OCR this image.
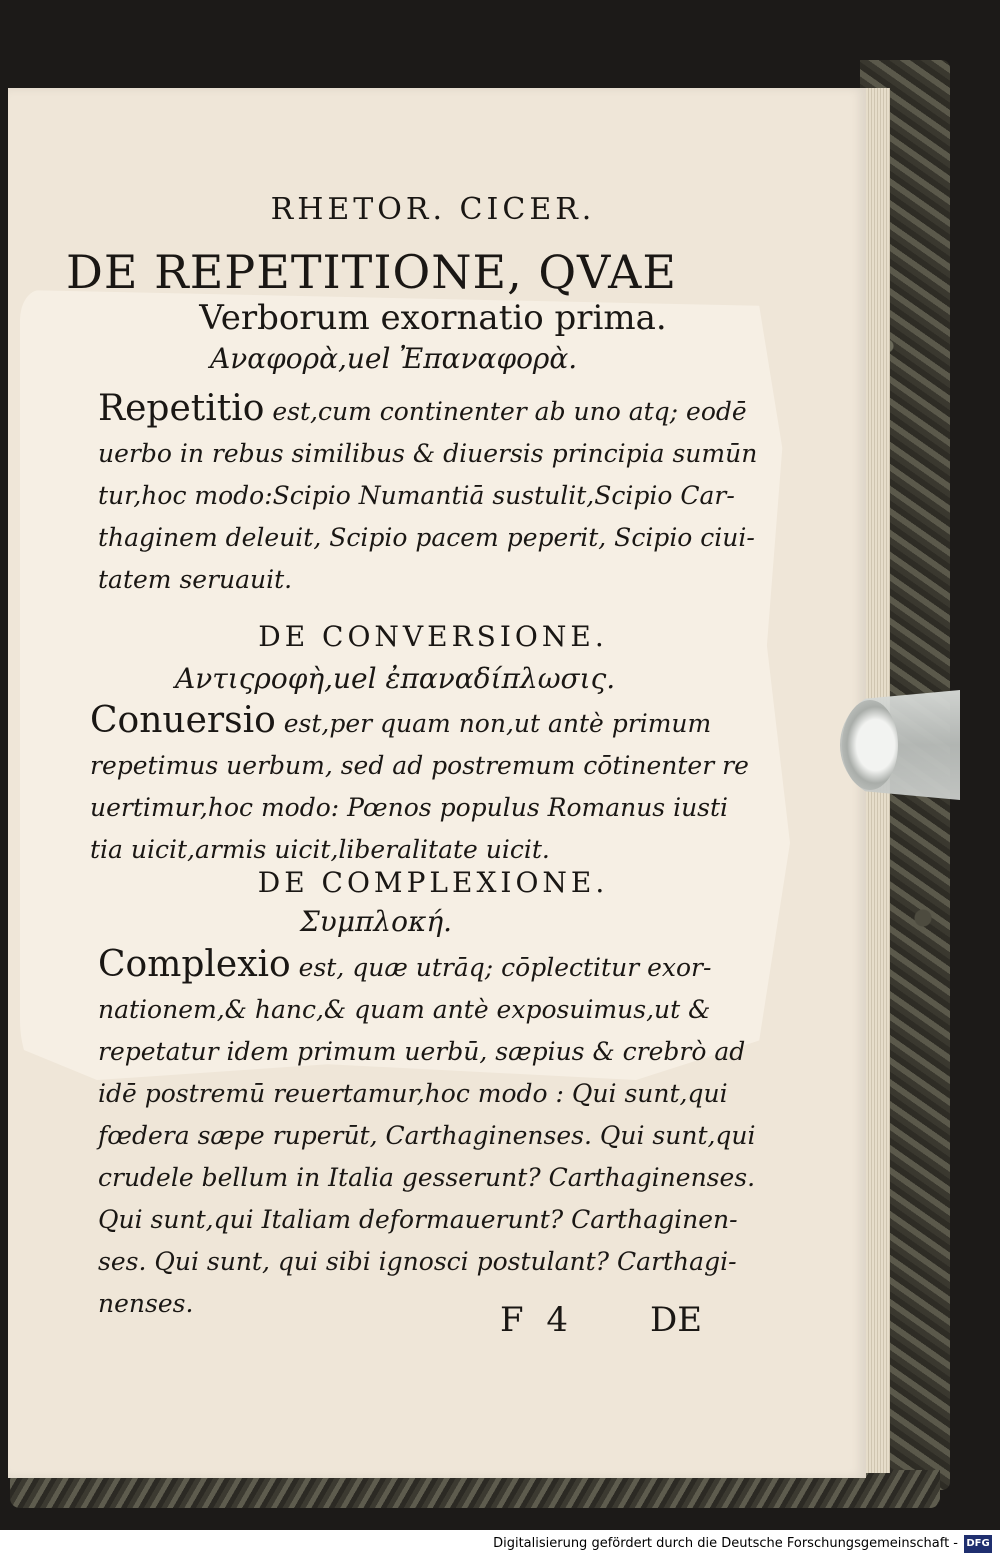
RHETOR. CICER.
DE REPETITIONE, QVAE
Verborum exornatio prima.
Αναφορὰ,uel Ἐπαναφορὰ.
Repetitio est,cum continenter ab uno atq; eodē
uerbo in rebus similibus & diuersis principia sumūn
tur,hoc modo:Scipio Numantiā sustulit,Scipio Car-
thaginem deleuit, Scipio pacem peperit, Scipio ciui-
tatem seruauit.
DE CONVERSIONE.
Αντιςροφὴ,uel ἐπαναδίπλωσις.
Conuersio est,per quam non,ut antè primum
repetimus uerbum, sed ad postremum cōtinenter re
uertimur,hoc modo: Pœnos populus Romanus iusti
tia uicit,armis uicit,liberalitate uicit.
DE COMPLEXIONE.
Συμπλοκή.
Complexio est, quæ utrāq; cōplectitur exor-
nationem,& hanc,& quam antè exposuimus,ut &
repetatur idem primum uerbū, sæpius & crebrò ad
idē postremū reuertamur,hoc modo : Qui sunt,qui
fœdera sæpe ruperūt, Carthaginenses. Qui sunt,qui
crudele bellum in Italia gesserunt? Carthaginenses.
Qui sunt,qui Italiam deformauerunt? Carthaginen-
ses. Qui sunt, qui sibi ignosci postulant? Carthagi-
nenses.	F 4 DE
Digitalisierung gefördert durch die Deutsche Forschungsgemeinschaft - DFG
